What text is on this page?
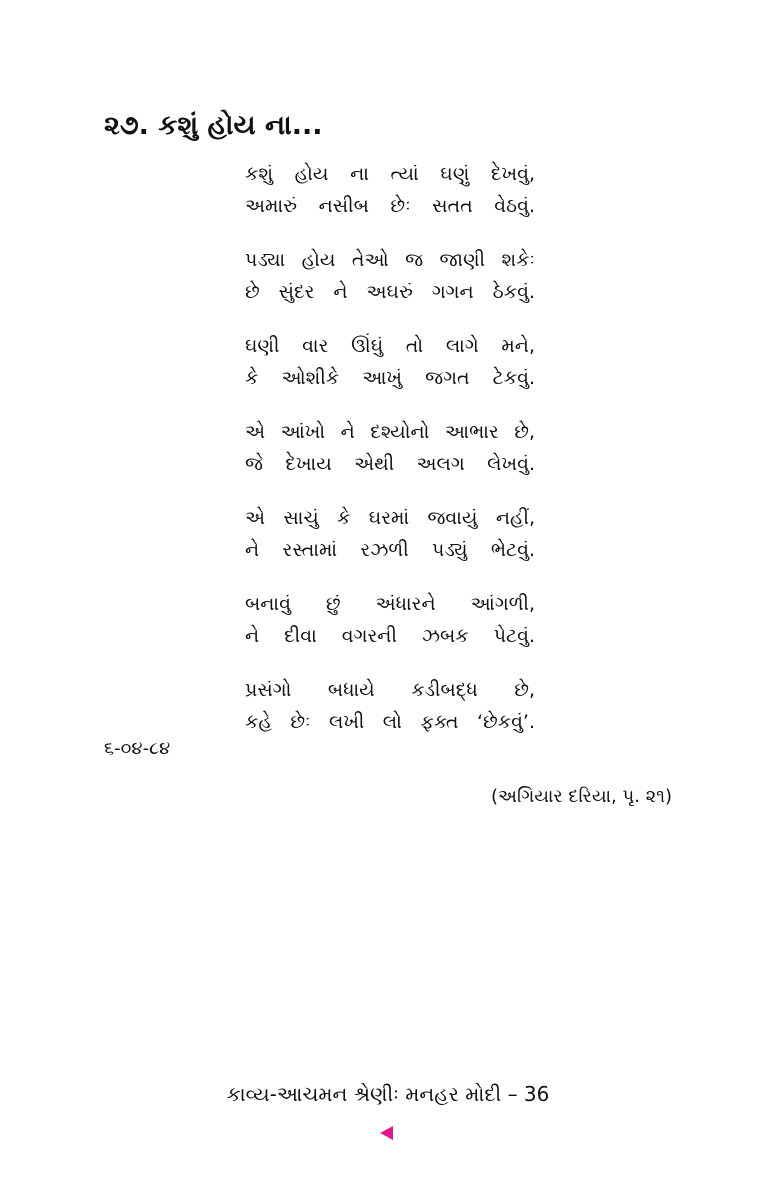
૨૭. કશું હોય ના...
કશું હોય ના ત્યાં ઘણું દેખવું,
અમારું નસીબ છેઃ સતત વેઠવું.
પડ્યા હોય તેઓ જ જાણી શકેઃ
છે સુંદર ને અઘરું ગગન ઠેકવું.
ઘણી વાર ઊંઘું તો લાગે મને,
કે ઓશીકે આખું જગત ટેકવું.
એ આંખો ને દશ્યોનો આભાર છે,
જે દેખાય એથી અલગ લેખવું.
એ સાચું કે ઘરમાં જવાયું નહીં,
ને રસ્તામાં રઝળી પડ્યું ભેટવું.
બનાવું છું અંધારને આંગળી,
ને દીવા વગરની ઝબક પેટવું.
પ્રસંગો બધાયે કડીબદ્ધ છે,
કહે છેઃ લખી લો ફક્ત ‘છેકવું’.
૬-૦૪-૮૪
(અગિયાર દરિયા, પૃ. ૨૧)
કાવ્ય-આચમન શ્રેણીઃ મનહર મોદી – 36
